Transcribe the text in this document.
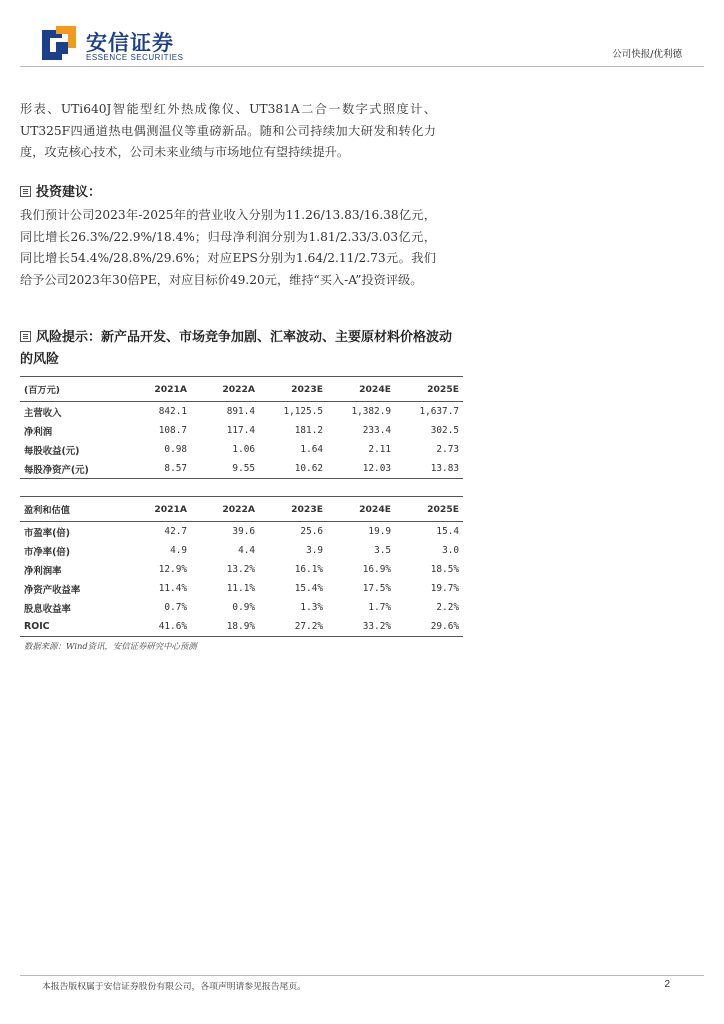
安信证券
ESSENCE SECURITIES	公司快报/优利德
形表、UTi640J智能型红外热成像仪、UT381A二合一数字式照度计、UT325F四通道热电偶测温仪等重磅新品。随和公司持续加大研发和转化力度，攻克核心技术，公司未来业绩与市场地位有望持续提升。
投资建议：
我们预计公司2023年-2025年的营业收入分别为11.26/13.83/16.38亿元，同比增长26.3%/22.9%/18.4%；归母净利润分别为1.81/2.33/3.03亿元，同比增长54.4%/28.8%/29.6%；对应EPS分别为1.64/2.11/2.73元。我们给予公司2023年30倍PE，对应目标价49.20元，维持“买入-A”投资评级。
风险提示：新产品开发、市场竞争加剧、汇率波动、主要原材料价格波动的风险
(百万元)	2021A	2022A	2023E	2024E	2025E
主营收入	842.1	891.4	1,125.5	1,382.9	1,637.7
净利润	108.7	117.4	181.2	233.4	302.5
每股收益(元)	0.98	1.06	1.64	2.11	2.73
每股净资产(元)	8.57	9.55	10.62	12.03	13.83
盈利和估值	2021A	2022A	2023E	2024E	2025E
市盈率(倍)	42.7	39.6	25.6	19.9	15.4
市净率(倍)	4.9	4.4	3.9	3.5	3.0
净利润率	12.9%	13.2%	16.1%	16.9%	18.5%
净资产收益率	11.4%	11.1%	15.4%	17.5%	19.7%
股息收益率	0.7%	0.9%	1.3%	1.7%	2.2%
ROIC	41.6%	18.9%	27.2%	33.2%	29.6%
数据来源：Wind资讯，安信证券研究中心预测
本报告版权属于安信证券股份有限公司，各项声明请参见报告尾页。	2
